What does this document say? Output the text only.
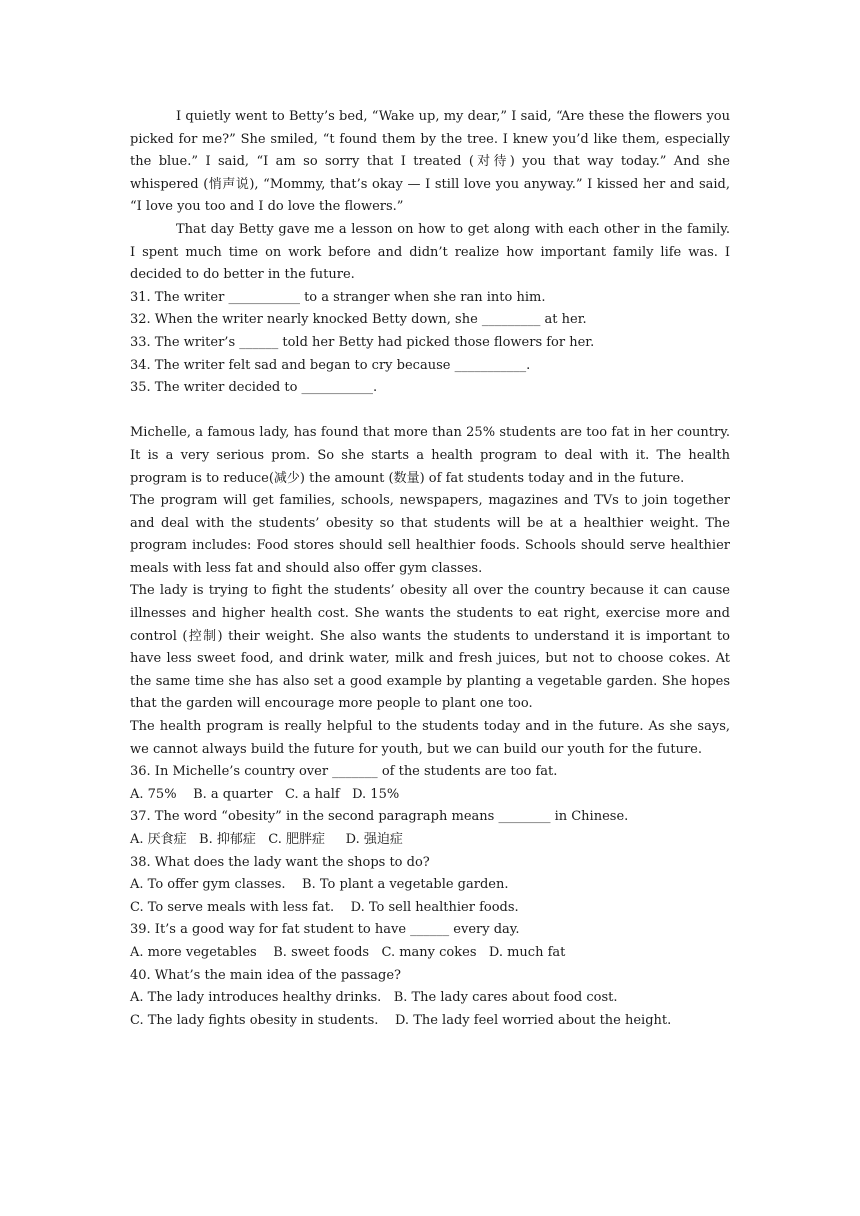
I quietly went to Betty’s bed, “Wake up, my dear,” I said, “Are these the flowers you picked for me?” She smiled, “t found them by the tree. I knew you’d like them, especially the blue.” I said, “I am so sorry that I treated (对待) you that way today.” And she whispered (悄声说), “Mommy, that’s okay — I still love you anyway.” I kissed her and said, “I love you too and I do love the flowers.”

That day Betty gave me a lesson on how to get along with each other in the family. I spent much time on work before and didn’t realize how important family life was. I decided to do better in the future.

31. The writer ___________ to a stranger when she ran into him.

32. When the writer nearly knocked Betty down, she _________ at her.

33. The writer’s ______ told her Betty had picked those flowers for her.

34. The writer felt sad and began to cry because ___________.

35. The writer decided to ___________.

Michelle, a famous lady, has found that more than 25% students are too fat in her country. It is a very serious prom. So she starts a health program to deal with it. The health program is to reduce(减少) the amount (数量) of fat students today and in the future.

The program will get families, schools, newspapers, magazines and TVs to join together and deal with the students’ obesity so that students will be at a healthier weight. The program includes: Food stores should sell healthier foods. Schools should serve healthier meals with less fat and should also offer gym classes.

The lady is trying to fight the students’ obesity all over the country because it can cause illnesses and higher health cost. She wants the students to eat right, exercise more and control (控制) their weight. She also wants the students to understand it is important to have less sweet food, and drink water, milk and fresh juices, but not to choose cokes. At the same time she has also set a good example by planting a vegetable garden. She hopes that the garden will encourage more people to plant one too.

The health program is really helpful to the students today and in the future. As she says, we cannot always build the future for youth, but we can build our youth for the future.

36. In Michelle’s country over _______ of the students are too fat.

A. 75%    B. a quarter   C. a half   D. 15%

37. The word “obesity” in the second paragraph means ________ in Chinese.

A. 厌食症   B. 抑郁症   C. 肥胖症     D. 强迫症

38. What does the lady want the shops to do?

A. To offer gym classes.    B. To plant a vegetable garden.

C. To serve meals with less fat.    D. To sell healthier foods.

39. It’s a good way for fat student to have ______ every day.

A. more vegetables    B. sweet foods   C. many cokes   D. much fat

40. What’s the main idea of the passage?

A. The lady introduces healthy drinks.   B. The lady cares about food cost.

C. The lady fights obesity in students.    D. The lady feel worried about the height.
